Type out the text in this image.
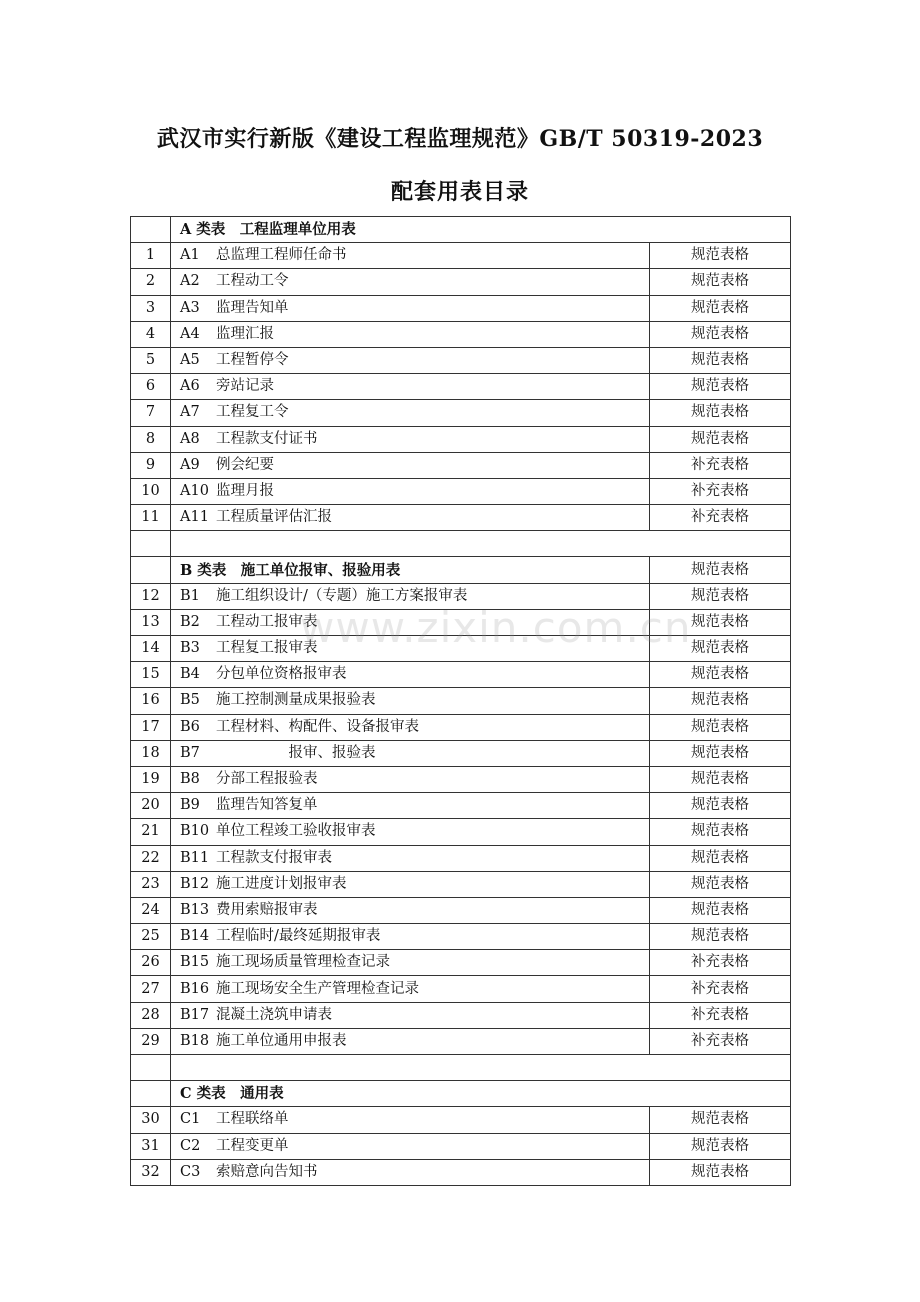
武汉市实行新版《建设工程监理规范》GB/T 50319-2023
配套用表目录
	A 类表　工程监理单位用表	
1	A1 总监理工程师任命书	规范表格
2	A2 工程动工令	规范表格
3	A3 监理告知单	规范表格
4	A4 监理汇报	规范表格
5	A5 工程暂停令	规范表格
6	A6 旁站记录	规范表格
7	A7 工程复工令	规范表格
8	A8 工程款支付证书	规范表格
9	A9 例会纪要	补充表格
10	A10 监理月报	补充表格
11	A11 工程质量评估汇报	补充表格

	B 类表　施工单位报审、报验用表	规范表格
12	B1 施工组织设计/（专题）施工方案报审表	规范表格
13	B2 工程动工报审表	规范表格
14	B3 工程复工报审表	规范表格
15	B4 分包单位资格报审表	规范表格
16	B5 施工控制测量成果报验表	规范表格
17	B6 工程材料、构配件、设备报审表	规范表格
18	B7　　　　　报审、报验表	规范表格
19	B8 分部工程报验表	规范表格
20	B9 监理告知答复单	规范表格
21	B10 单位工程竣工验收报审表	规范表格
22	B11 工程款支付报审表	规范表格
23	B12 施工进度计划报审表	规范表格
24	B13 费用索赔报审表	规范表格
25	B14 工程临时/最终延期报审表	规范表格
26	B15 施工现场质量管理检查记录	补充表格
27	B16 施工现场安全生产管理检查记录	补充表格
28	B17 混凝土浇筑申请表	补充表格
29	B18 施工单位通用申报表	补充表格

	C 类表　通用表	
30	C1 工程联络单	规范表格
31	C2 工程变更单	规范表格
32	C3 索赔意向告知书	规范表格
www.zixin.com.cn
